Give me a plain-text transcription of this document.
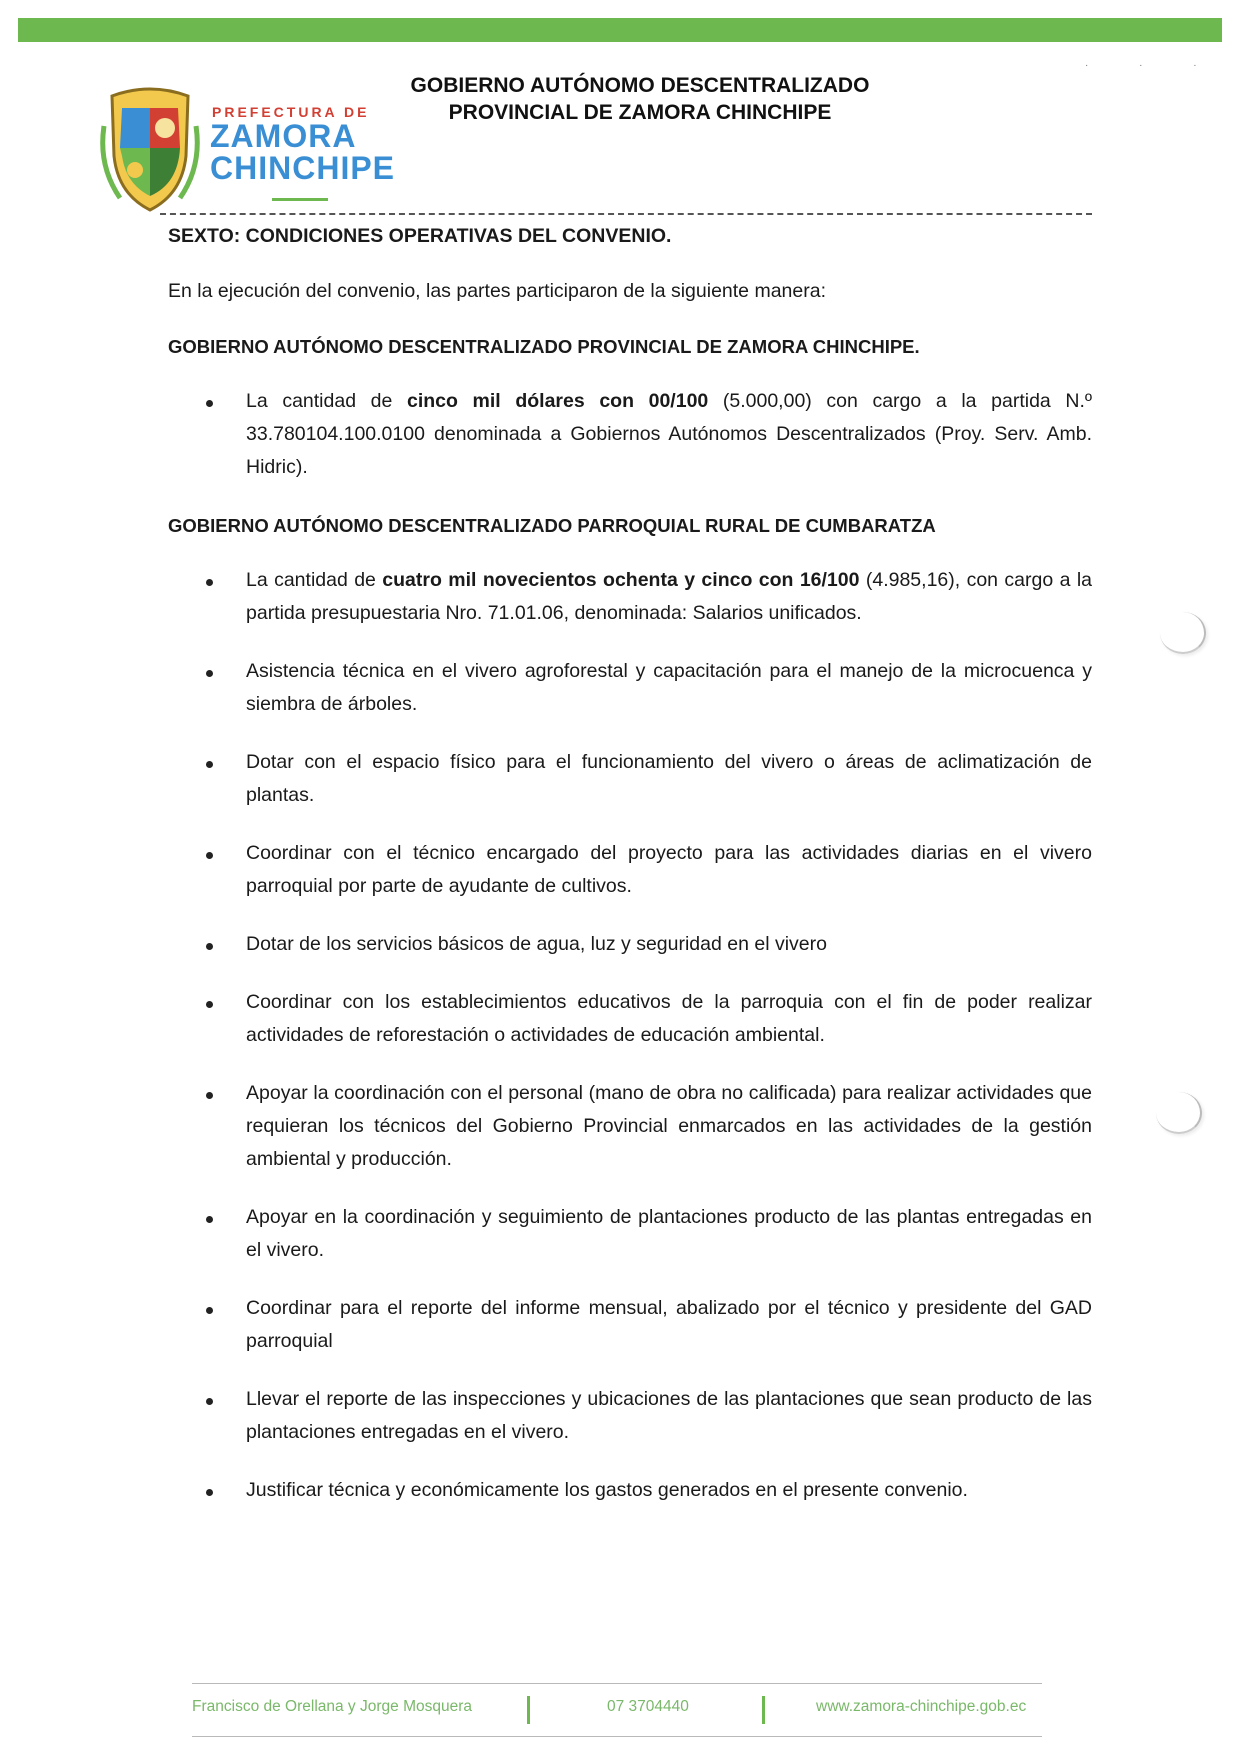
PREFECTURA DE
ZAMORA
CHINCHIPE
GOBIERNO AUTÓNOMO DESCENTRALIZADO
PROVINCIAL DE ZAMORA CHINCHIPE
· · ·

SEXTO: CONDICIONES OPERATIVAS DEL CONVENIO.

En la ejecución del convenio, las partes participaron de la siguiente manera:

GOBIERNO AUTÓNOMO DESCENTRALIZADO PROVINCIAL DE ZAMORA CHINCHIPE.

La cantidad de cinco mil dólares con 00/100 (5.000,00) con cargo a la partida N.º 33.780104.100.0100 denominada a Gobiernos Autónomos Descentralizados (Proy. Serv. Amb. Hidric).

GOBIERNO AUTÓNOMO DESCENTRALIZADO PARROQUIAL RURAL DE CUMBARATZA

La cantidad de cuatro mil novecientos ochenta y cinco con 16/100 (4.985,16), con cargo a la partida presupuestaria Nro. 71.01.06, denominada: Salarios unificados.
Asistencia técnica en el vivero agroforestal y capacitación para el manejo de la microcuenca y siembra de árboles.
Dotar con el espacio físico para el funcionamiento del vivero o áreas de aclimatización de plantas.
Coordinar con el técnico encargado del proyecto para las actividades diarias en el vivero parroquial por parte de ayudante de cultivos.
Dotar de los servicios básicos de agua, luz y seguridad en el vivero
Coordinar con los establecimientos educativos de la parroquia con el fin de poder realizar actividades de reforestación o actividades de educación ambiental.
Apoyar la coordinación con el personal (mano de obra no calificada) para realizar actividades que requieran los técnicos del Gobierno Provincial enmarcados en las actividades de la gestión ambiental y producción.
Apoyar en la coordinación y seguimiento de plantaciones producto de las plantas entregadas en el vivero.
Coordinar para el reporte del informe mensual, abalizado por el técnico y presidente del GAD parroquial
Llevar el reporte de las inspecciones y ubicaciones de las plantaciones que sean producto de las plantaciones entregadas en el vivero.
Justificar técnica y económicamente los gastos generados en el presente convenio.
Francisco de Orellana y Jorge Mosquera	07 3704440	www.zamora-chinchipe.gob.ec
